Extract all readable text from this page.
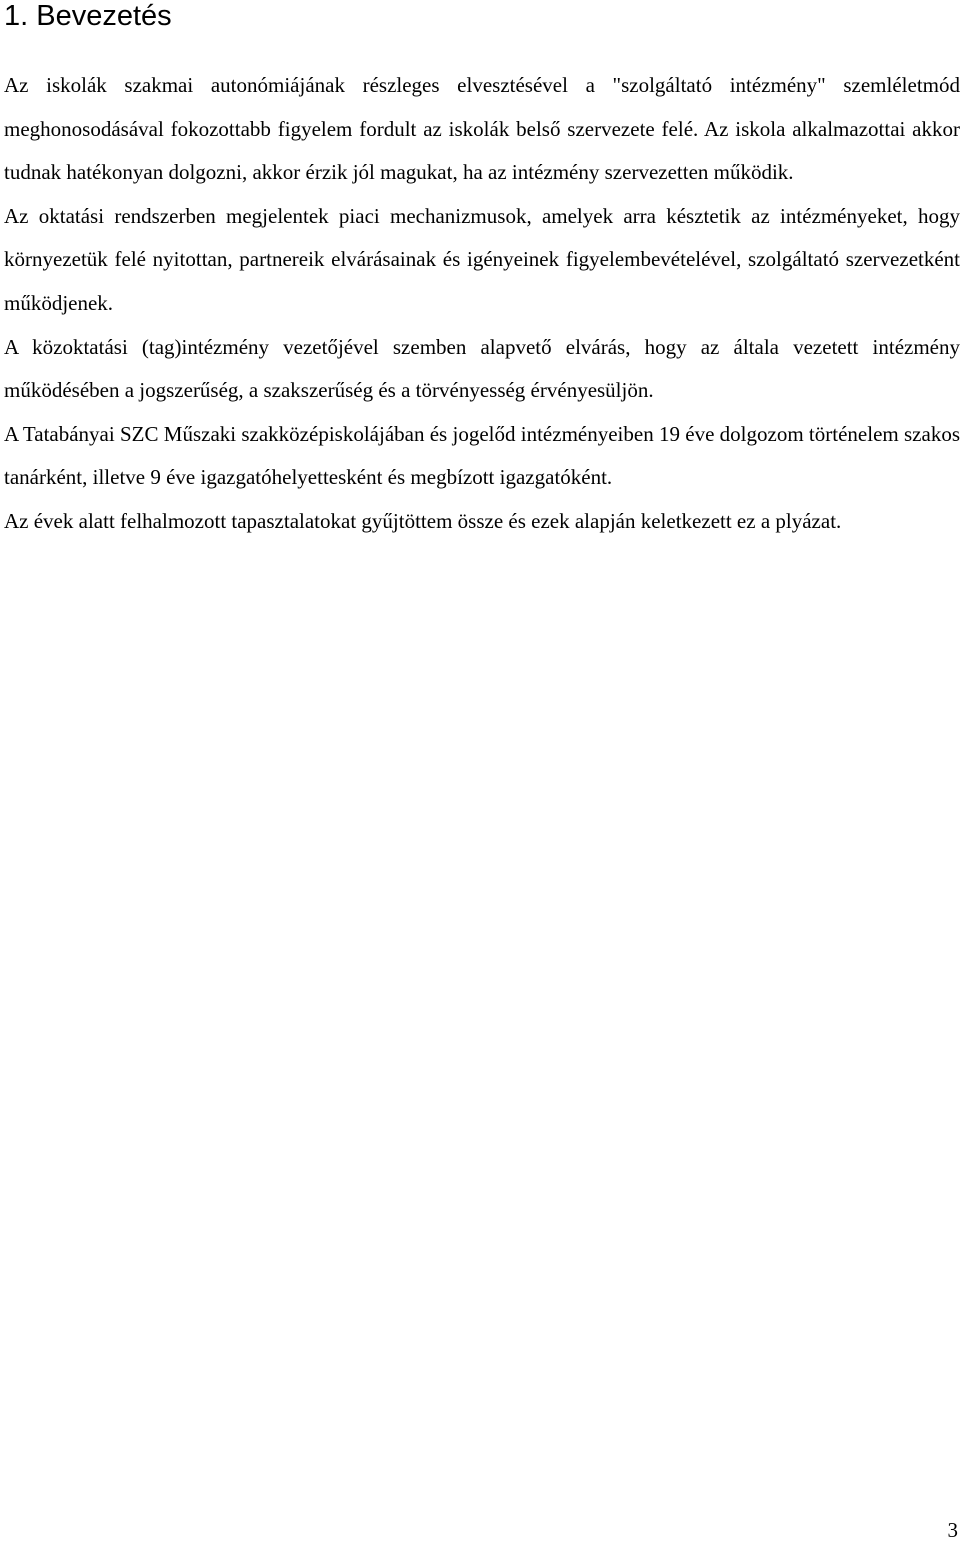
1. Bevezetés

Az iskolák szakmai autonómiájának részleges elvesztésével a "szolgáltató intézmény" szemléletmód meghonosodásával fokozottabb figyelem fordult az iskolák belső szervezete felé. Az iskola alkalmazottai akkor tudnak hatékonyan dolgozni, akkor érzik jól magukat, ha az intézmény szervezetten működik.

Az oktatási rendszerben megjelentek piaci mechanizmusok, amelyek arra késztetik az intézményeket, hogy környezetük felé nyitottan, partnereik elvárásainak és igényeinek figyelembevételével, szolgáltató szervezetként működjenek.

A közoktatási (tag)intézmény vezetőjével szemben alapvető elvárás, hogy az általa vezetett intézmény működésében a jogszerűség, a szakszerűség és a törvényesség érvényesüljön.

A Tatabányai SZC Műszaki szakközépiskolájában és jogelőd intézményeiben 19 éve dolgozom történelem szakos tanárként, illetve 9 éve igazgatóhelyettesként és megbízott igazgatóként.

Az évek alatt felhalmozott tapasztalatokat gyűjtöttem össze és ezek alapján keletkezett ez a plyázat.

3
